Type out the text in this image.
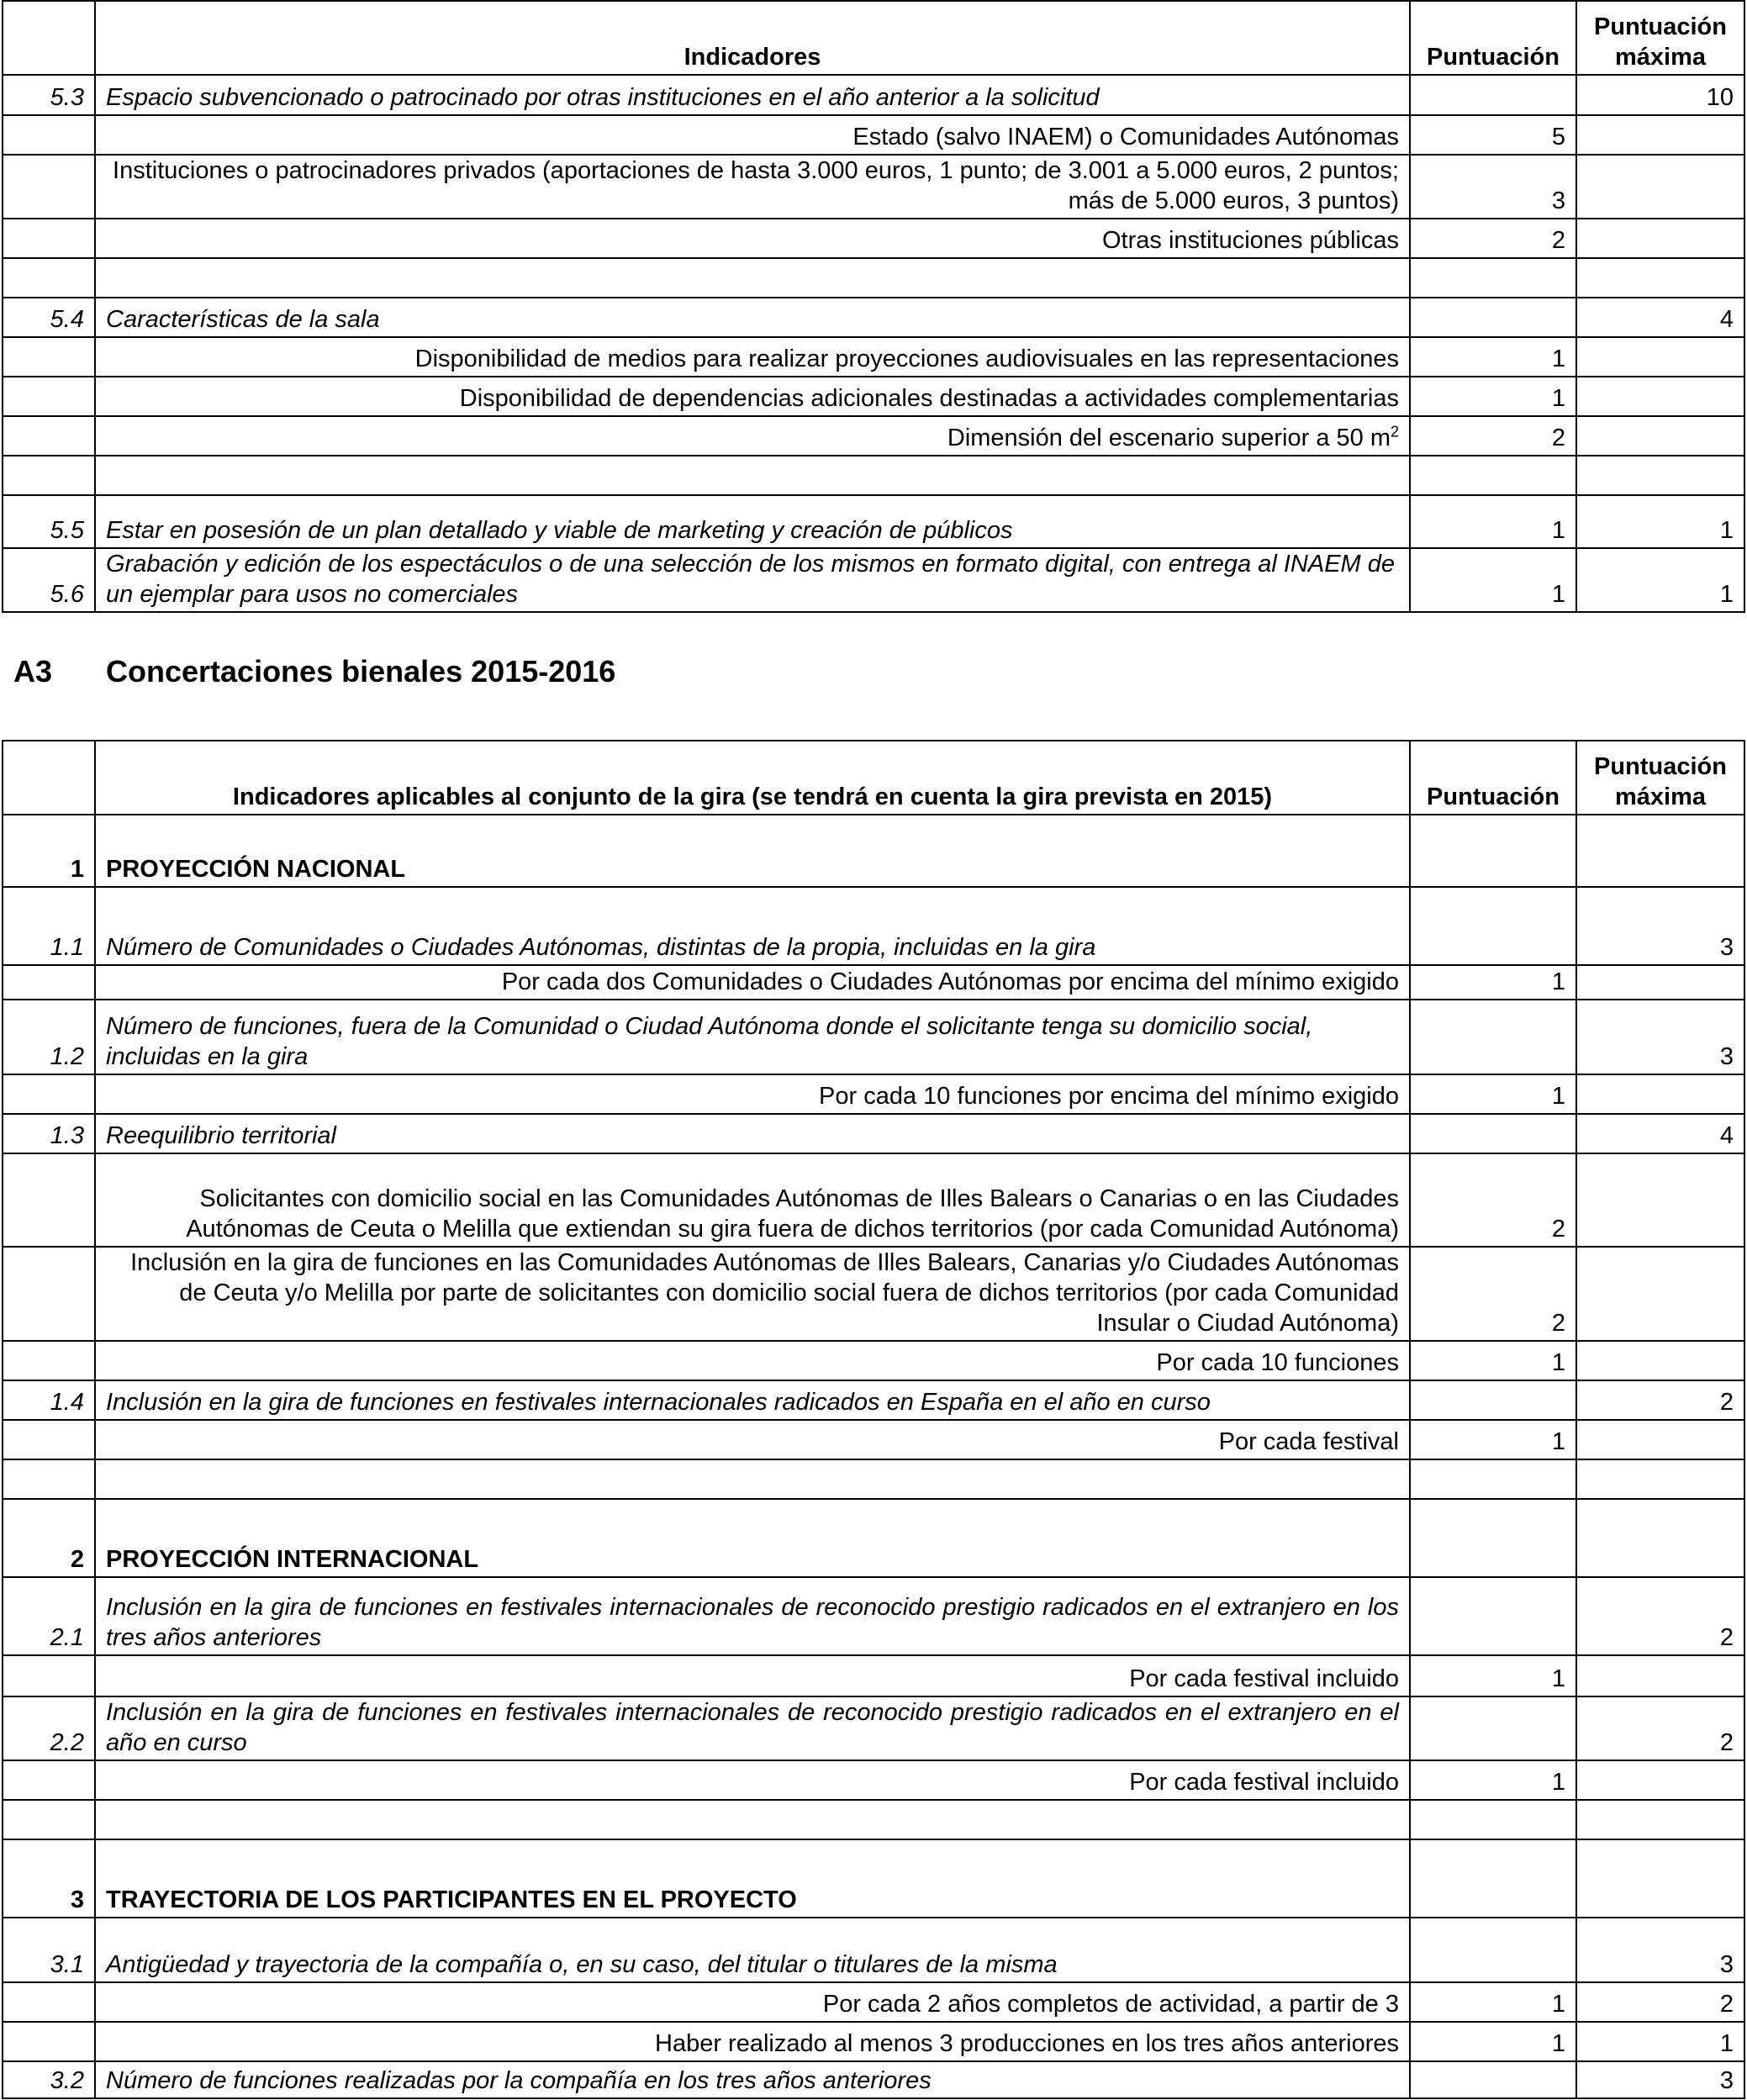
	Indicadores	Puntuación	Puntuación máxima
5.3	Espacio subvencionado o patrocinado por otras instituciones en el año anterior a la solicitud		10
	Estado (salvo INAEM) o Comunidades Autónomas	5	
	Instituciones o patrocinadores privados (aportaciones de hasta 3.000 euros, 1 punto; de 3.001 a 5.000 euros, 2 puntos; más de 5.000 euros, 3 puntos)	3	
	Otras instituciones públicas	2	

5.4	Características de la sala		4
	Disponibilidad de medios para realizar proyecciones audiovisuales en las representaciones	1	
	Disponibilidad de dependencias adicionales destinadas a actividades complementarias	1	
	Dimensión del escenario superior a 50 $m^2$	2	

5.5	Estar en posesión de un plan detallado y viable de marketing y creación de públicos	1	1
5.6	Grabación y edición de los espectáculos o de una selección de los mismos en formato digital, con entrega al INAEM de un ejemplar para usos no comerciales	1	1
A3 Concertaciones bienales 2015-2016
	Indicadores aplicables al conjunto de la gira (se tendrá en cuenta la gira prevista en 2015)	Puntuación	Puntuación máxima
1	PROYECCIÓN NACIONAL		
1.1	Número de Comunidades o Ciudades Autónomas, distintas de la propia, incluidas en la gira		3
	Por cada dos Comunidades o Ciudades Autónomas por encima del mínimo exigido	1	
1.2	Número de funciones, fuera de la Comunidad o Ciudad Autónoma donde el solicitante tenga su domicilio social, incluidas en la gira		3
	Por cada 10 funciones por encima del mínimo exigido	1	
1.3	Reequilibrio territorial		4
	Solicitantes con domicilio social en las Comunidades Autónomas de Illes Balears o Canarias o en las Ciudades Autónomas de Ceuta o Melilla que extiendan su gira fuera de dichos territorios (por cada Comunidad Autónoma)	2	
	Inclusión en la gira de funciones en las Comunidades Autónomas de Illes Balears, Canarias y/o Ciudades Autónomas de Ceuta y/o Melilla por parte de solicitantes con domicilio social fuera de dichos territorios (por cada Comunidad Insular o Ciudad Autónoma)	2	
	Por cada 10 funciones	1	
1.4	Inclusión en la gira de funciones en festivales internacionales radicados en España en el año en curso		2
	Por cada festival	1	

2	PROYECCIÓN INTERNACIONAL		
2.1	Inclusión en la gira de funciones en festivales internacionales de reconocido prestigio radicados en el extranjero en los tres años anteriores		2
	Por cada festival incluido	1	
2.2	Inclusión en la gira de funciones en festivales internacionales de reconocido prestigio radicados en el extranjero en el año en curso		2
	Por cada festival incluido	1	

3	TRAYECTORIA DE LOS PARTICIPANTES EN EL PROYECTO		
3.1	Antigüedad y trayectoria de la compañía o, en su caso, del titular o titulares de la misma		3
	Por cada 2 años completos de actividad, a partir de 3	1	2
	Haber realizado al menos 3 producciones en los tres años anteriores	1	1
3.2	Número de funciones realizadas por la compañía en los tres años anteriores		3
